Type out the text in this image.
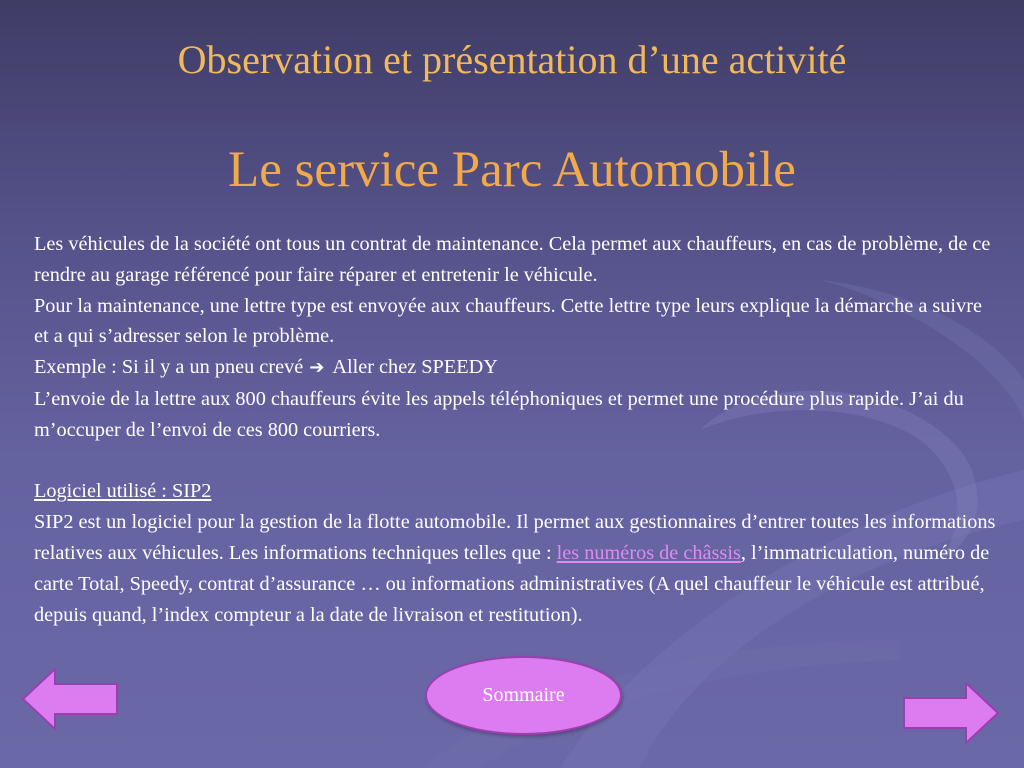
Observation et présentation d’une activité
Le service Parc Automobile

Les véhicules de la société ont tous un contrat de maintenance. Cela permet aux chauffeurs, en cas de problème, de ce rendre au garage référencé pour faire réparer et entretenir le véhicule.

Pour la maintenance, une lettre type est envoyée aux chauffeurs. Cette lettre type leurs explique la démarche a suivre et a qui s’adresser selon le problème.

Exemple : Si il y a un pneu crevé ➔ Aller chez SPEEDY

L’envoie de la lettre aux 800 chauffeurs évite les appels téléphoniques et permet une procédure plus rapide. J’ai du m’occuper de l’envoi de ces 800 courriers.

Logiciel utilisé : SIP2

SIP2 est un logiciel pour la gestion de la flotte automobile. Il permet aux gestionnaires d’entrer toutes les informations relatives aux véhicules. Les informations techniques telles que : les numéros de châssis, l’immatriculation, numéro de carte Total, Speedy, contrat d’assurance … ou informations administratives (A quel chauffeur le véhicule est attribué, depuis quand, l’index compteur a la date de livraison et restitution).

Sommaire
